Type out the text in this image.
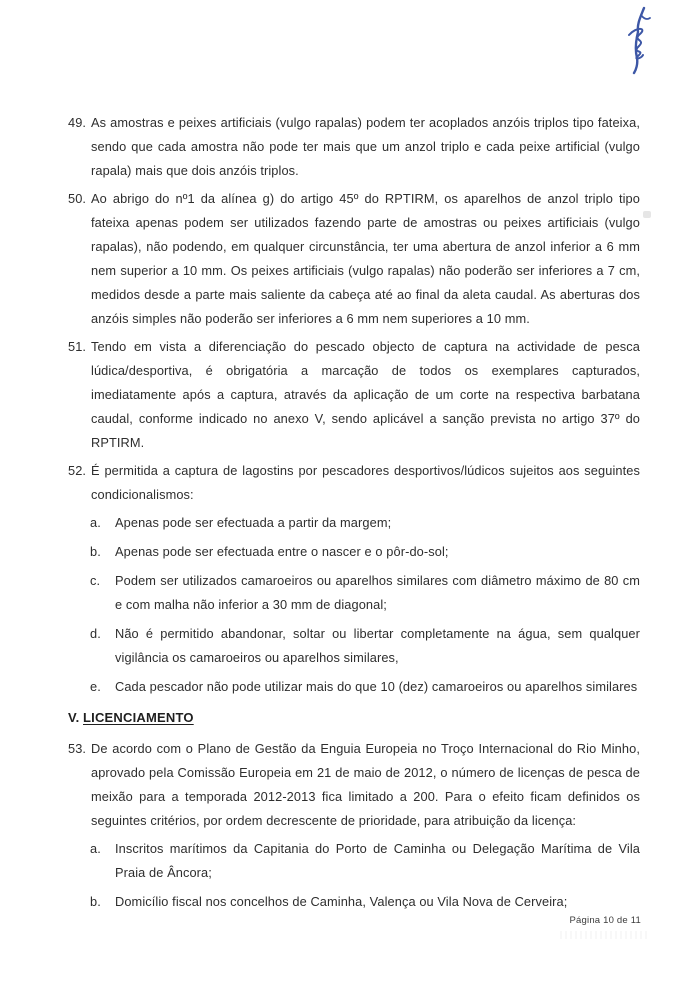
49. As amostras e peixes artificiais (vulgo rapalas) podem ter acoplados anzóis triplos tipo fateixa, sendo que cada amostra não pode ter mais que um anzol triplo e cada peixe artificial (vulgo rapala) mais que dois anzóis triplos.
50. Ao abrigo do nº1 da alínea g) do artigo 45º do RPTIRM, os aparelhos de anzol triplo tipo fateixa apenas podem ser utilizados fazendo parte de amostras ou peixes artificiais (vulgo rapalas), não podendo, em qualquer circunstância, ter uma abertura de anzol inferior a 6 mm nem superior a 10 mm. Os peixes artificiais (vulgo rapalas) não poderão ser inferiores a 7 cm, medidos desde a parte mais saliente da cabeça até ao final da aleta caudal. As aberturas dos anzóis simples não poderão ser inferiores a 6 mm nem superiores a 10 mm.
51. Tendo em vista a diferenciação do pescado objecto de captura na actividade de pesca lúdica/desportiva, é obrigatória a marcação de todos os exemplares capturados, imediatamente após a captura, através da aplicação de um corte na respectiva barbatana caudal, conforme indicado no anexo V, sendo aplicável a sanção prevista no artigo 37º do RPTIRM.
52. É permitida a captura de lagostins por pescadores desportivos/lúdicos sujeitos aos seguintes condicionalismos:
a.	Apenas pode ser efectuada a partir da margem;
b.	Apenas pode ser efectuada entre o nascer e o pôr-do-sol;
c.	Podem ser utilizados camaroeiros ou aparelhos similares com diâmetro máximo de 80 cm e com malha não inferior a 30 mm de diagonal;
d.	Não é permitido abandonar, soltar ou libertar completamente na água, sem qualquer vigilância os camaroeiros ou aparelhos similares,
e.	Cada pescador não pode utilizar mais do que 10 (dez) camaroeiros ou aparelhos similares
V. LICENCIAMENTO
53. De acordo com o Plano de Gestão da Enguia Europeia no Troço Internacional do Rio Minho, aprovado pela Comissão Europeia em 21 de maio de 2012, o número de licenças de pesca de meixão para a temporada 2012-2013 fica limitado a 200. Para o efeito ficam definidos os seguintes critérios, por ordem decrescente de prioridade, para atribuição da licença:
a.	Inscritos marítimos da Capitania do Porto de Caminha ou Delegação Marítima de Vila Praia de Âncora;
b.	Domicílio fiscal nos concelhos de Caminha, Valença ou Vila Nova de Cerveira;
Página 10 de 11
